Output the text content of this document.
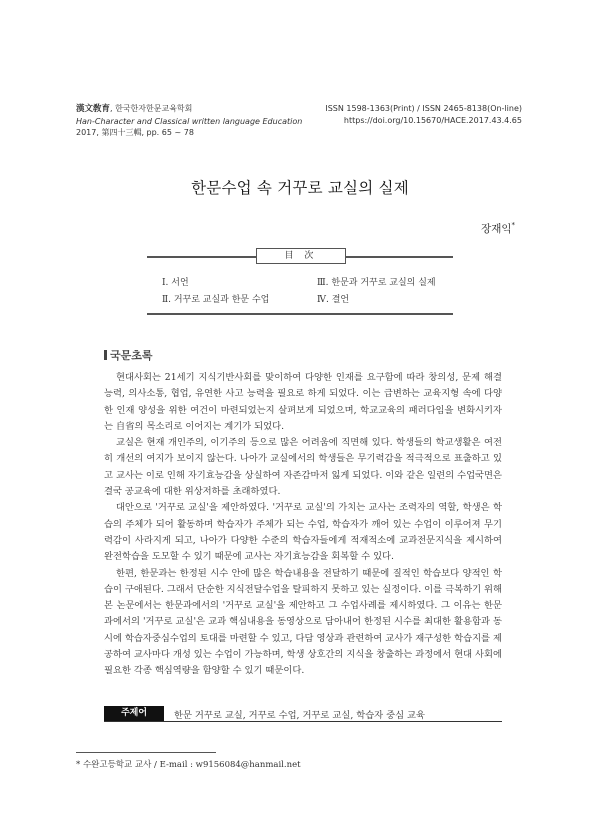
漢文敎育, 한국한자한문교육학회
Han-Character and Classical written language Education
2017, 第四十三輯, pp. 65 ~ 78
ISSN 1598-1363(Print) / ISSN 2465-8138(On-line)
https://doi.org/10.15670/HACE.2017.43.4.65
한문수업 속 거꾸로 교실의 실제
장재익*
目 次
Ⅰ. 서언
Ⅱ. 거꾸로 교실과 한문 수업
Ⅲ. 한문과 거꾸로 교실의 실제
Ⅳ. 결언
국문초록

현대사회는 21세기 지식기반사회를 맞이하여 다양한 인재를 요구함에 따라 창의성, 문제 해결 능력, 의사소통, 협업, 유연한 사고 능력을 필요로 하게 되었다. 이는 급변하는 교육지형 속에 다양한 인재 양성을 위한 여건이 마련되었는지 살펴보게 되었으며, 학교교육의 패러다임을 변화시키자는 自省의 목소리로 이어지는 계기가 되었다.

교실은 현재 개인주의, 이기주의 등으로 많은 어려움에 직면해 있다. 학생들의 학교생활은 여전히 개선의 여지가 보이지 않는다. 나아가 교실에서의 학생들은 무기력감을 적극적으로 표출하고 있고 교사는 이로 인해 자기효능감을 상실하여 자존감마저 잃게 되었다. 이와 같은 일련의 수업국면은 결국 공교육에 대한 위상저하를 초래하였다.

대안으로 '거꾸로 교실'을 제안하였다. '거꾸로 교실'의 가치는 교사는 조력자의 역할, 학생은 학습의 주체가 되어 활동하며 학습자가 주체가 되는 수업, 학습자가 깨어 있는 수업이 이루어져 무기력감이 사라지게 되고, 나아가 다양한 수준의 학습자들에게 적재적소에 교과전문지식을 제시하여 완전학습을 도모할 수 있기 때문에 교사는 자기효능감을 회복할 수 있다.

한편, 한문과는 한정된 시수 안에 많은 학습내용을 전달하기 때문에 질적인 학습보다 양적인 학습이 구애된다. 그래서 단순한 지식전달수업을 탈피하지 못하고 있는 실정이다. 이를 극복하기 위해 본 논문에서는 한문과에서의 '거꾸로 교실'을 제안하고 그 수업사례를 제시하였다. 그 이유는 한문과에서의 '거꾸로 교실'은 교과 핵심내용을 동영상으로 담아내어 한정된 시수를 최대한 활용함과 동시에 학습자중심수업의 토대를 마련할 수 있고, 다담 영상과 관련하여 교사가 재구성한 학습지를 제공하여 교사마다 개성 있는 수업이 가능하며, 학생 상호간의 지식을 창출하는 과정에서 현대 사회에 필요한 각종 핵심역량을 함양할 수 있기 때문이다.

주제어	한문 거꾸로 교실, 거꾸로 수업, 거꾸로 교실, 학습자 중심 교육
* 수완고등학교 교사 / E-mail : w9156084@hanmail.net
